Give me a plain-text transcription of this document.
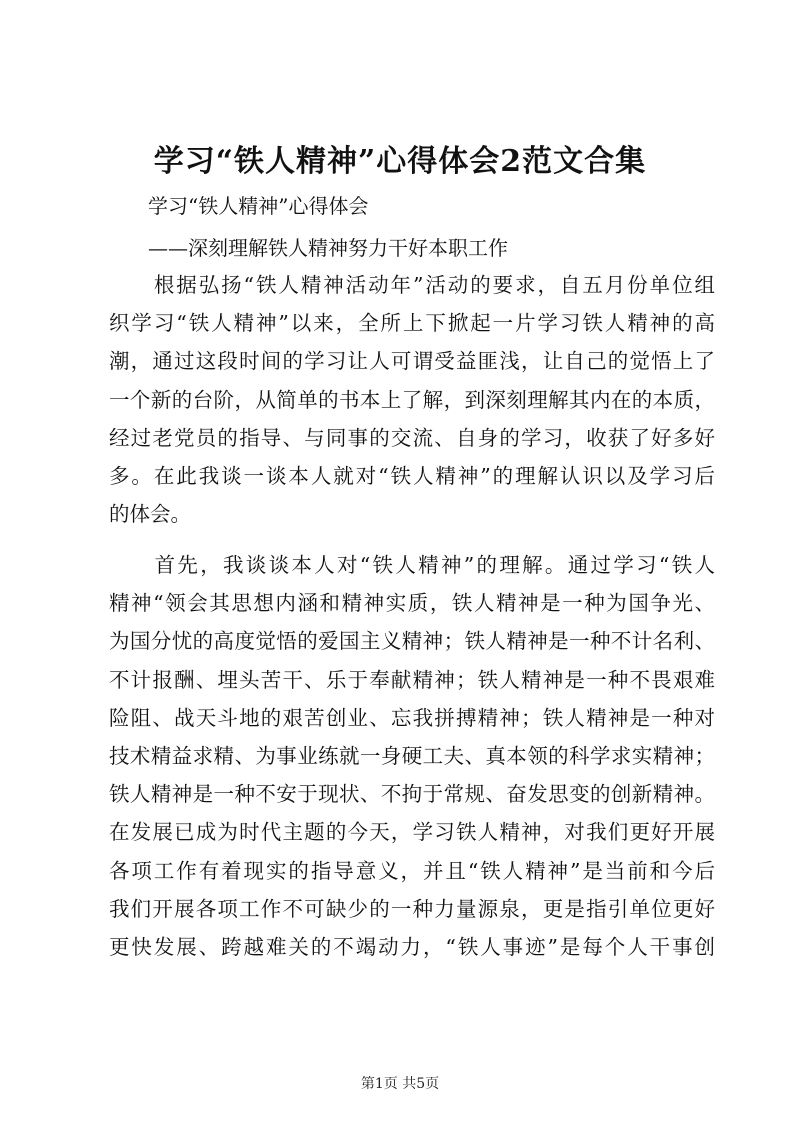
学习“铁人精神”心得体会2范文合集
学习“铁人精神”心得体会
——深刻理解铁人精神努力干好本职工作
　　根据弘扬“铁人精神活动年”活动的要求，自五月份单位组
织学习“铁人精神”以来，全所上下掀起一片学习铁人精神的高
潮，通过这段时间的学习让人可谓受益匪浅，让自己的觉悟上了
一个新的台阶，从简单的书本上了解，到深刻理解其内在的本质，
经过老党员的指导、与同事的交流、自身的学习，收获了好多好
多。在此我谈一谈本人就对“铁人精神”的理解认识以及学习后
的体会。
　　首先，我谈谈本人对“铁人精神”的理解。通过学习“铁人
精神“领会其思想内涵和精神实质，铁人精神是一种为国争光、
为国分忧的高度觉悟的爱国主义精神；铁人精神是一种不计名利、
不计报酬、埋头苦干、乐于奉献精神；铁人精神是一种不畏艰难
险阻、战天斗地的艰苦创业、忘我拼搏精神；铁人精神是一种对
技术精益求精、为事业练就一身硬工夫、真本领的科学求实精神；
铁人精神是一种不安于现状、不拘于常规、奋发思变的创新精神。
在发展已成为时代主题的今天，学习铁人精神，对我们更好开展
各项工作有着现实的指导意义，并且“铁人精神”是当前和今后
我们开展各项工作不可缺少的一种力量源泉，更是指引单位更好
更快发展、跨越难关的不竭动力，“铁人事迹”是每个人干事创
第1页 共5页
